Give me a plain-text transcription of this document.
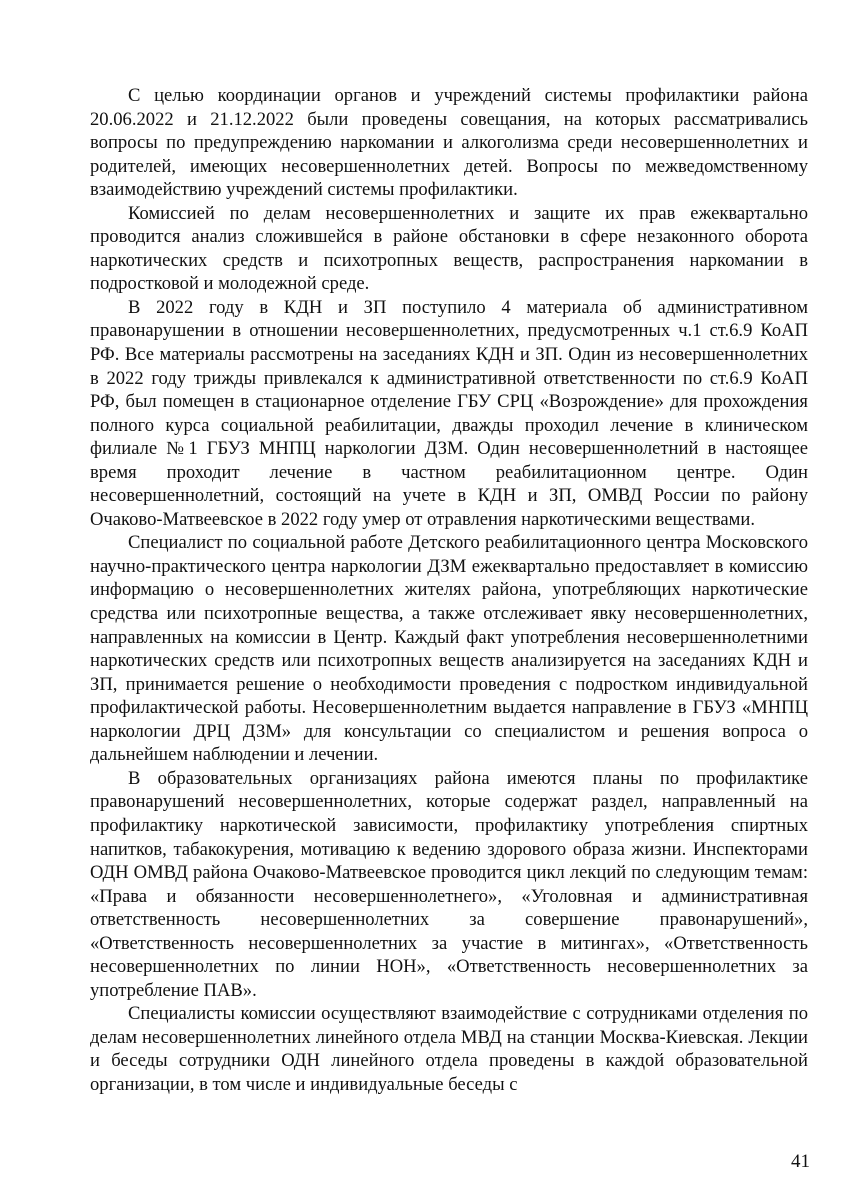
С целью координации органов и учреждений системы профилактики района 20.06.2022 и 21.12.2022 были проведены совещания, на которых рассматривались вопросы по предупреждению наркомании и алкоголизма среди несовершеннолетних и родителей, имеющих несовершеннолетних детей. Вопросы по межведомственному взаимодействию учреждений системы профилактики.

Комиссией по делам несовершеннолетних и защите их прав ежеквартально проводится анализ сложившейся в районе обстановки в сфере незаконного оборота наркотических средств и психотропных веществ, распространения наркомании в подростковой и молодежной среде.

В 2022 году в КДН и ЗП поступило 4 материала об административном правонарушении в отношении несовершеннолетних, предусмотренных ч.1 ст.6.9 КоАП РФ. Все материалы рассмотрены на заседаниях КДН и ЗП. Один из несовершеннолетних в 2022 году трижды привлекался к административной ответственности по ст.6.9 КоАП РФ, был помещен в стационарное отделение ГБУ СРЦ «Возрождение» для прохождения полного курса социальной реабилитации, дважды проходил лечение в клиническом филиале №1 ГБУЗ МНПЦ наркологии ДЗМ. Один несовершеннолетний в настоящее время проходит лечение в частном реабилитационном центре. Один несовершеннолетний, состоящий на учете в КДН и ЗП, ОМВД России по району Очаково-Матвеевское в 2022 году умер от отравления наркотическими веществами.

Специалист по социальной работе Детского реабилитационного центра Московского научно-практического центра наркологии ДЗМ ежеквартально предоставляет в комиссию информацию о несовершеннолетних жителях района, употребляющих наркотические средства или психотропные вещества, а также отслеживает явку несовершеннолетних, направленных на комиссии в Центр. Каждый факт употребления несовершеннолетними наркотических средств или психотропных веществ анализируется на заседаниях КДН и ЗП, принимается решение о необходимости проведения с подростком индивидуальной профилактической работы. Несовершеннолетним выдается направление в ГБУЗ «МНПЦ наркологии ДРЦ ДЗМ» для консультации со специалистом и решения вопроса о дальнейшем наблюдении и лечении.

В образовательных организациях района имеются планы по профилактике правонарушений несовершеннолетних, которые содержат раздел, направленный на профилактику наркотической зависимости, профилактику употребления спиртных напитков, табакокурения, мотивацию к ведению здорового образа жизни. Инспекторами ОДН ОМВД района Очаково-Матвеевское проводится цикл лекций по следующим темам: «Права и обязанности несовершеннолетнего», «Уголовная и административная ответственность несовершеннолетних за совершение правонарушений», «Ответственность несовершеннолетних за участие в митингах», «Ответственность несовершеннолетних по линии НОН», «Ответственность несовершеннолетних за употребление ПАВ».

Специалисты комиссии осуществляют взаимодействие с сотрудниками отделения по делам несовершеннолетних линейного отдела МВД на станции Москва-Киевская. Лекции и беседы сотрудники ОДН линейного отдела проведены в каждой образовательной организации, в том числе и индивидуальные беседы с

41
